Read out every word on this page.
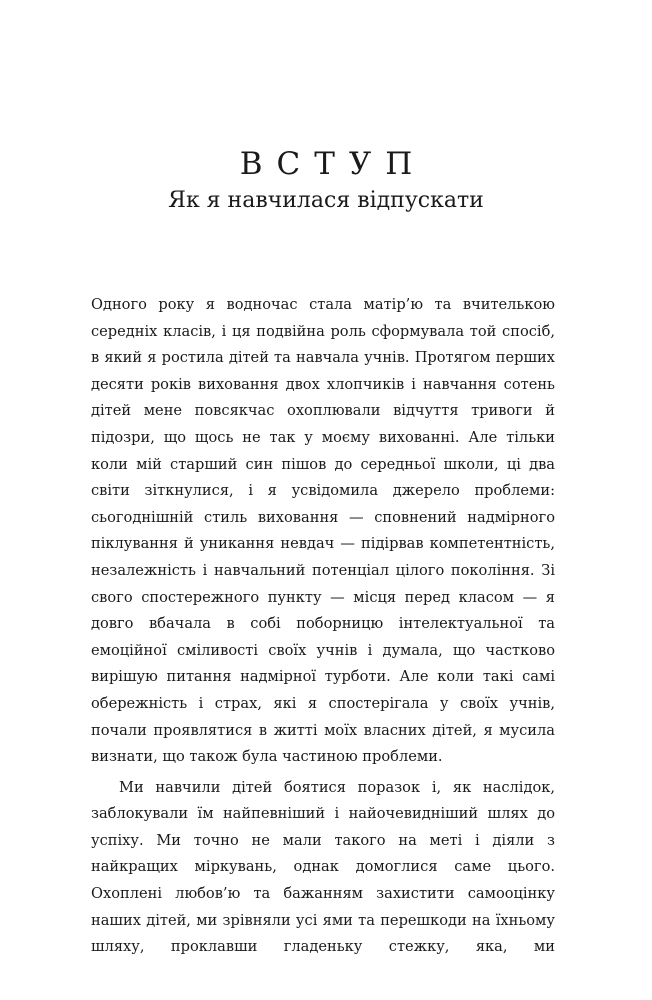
ВСТУП
Як я навчилася відпускати

Одного року я водночас стала матір’ю та вчителькою середніх класів, і ця подвійна роль сформувала той спосіб, в який я ростила дітей та навчала учнів. Протягом перших десяти років виховання двох хлопчиків і навчання сотень дітей мене повсякчас охоплювали відчуття тривоги й підозри, що щось не так у моєму вихованні. Але тільки коли мій старший син пішов до середньої школи, ці два світи зіткнулися, і я усвідомила джерело проблеми: сьогоднішній стиль виховання — сповнений надмірного піклування й уникання невдач — підірвав компетентність, незалежність і навчальний потенціал цілого покоління. Зі свого спостережного пункту — місця перед класом — я довго вбачала в собі поборницю інтелектуальної та емоційної сміливості своїх учнів і думала, що частково вирішую питання надмірної турботи. Але коли такі самі обережність і страх, які я спостерігала у своїх учнів, почали проявлятися в житті моїх власних дітей, я мусила визнати, що також була частиною проблеми.

Ми навчили дітей боятися поразок і, як наслідок, заблокували їм найпевніший і найочевидніший шлях до успіху. Ми точно не мали такого на меті і діяли з найкращих міркувань, однак домоглися саме цього. Охоплені любов’ю та бажанням захистити самооцінку наших дітей, ми зрівняли усі ями та перешкоди на їхньому шляху, проклавши гладеньку стежку, яка, ми
